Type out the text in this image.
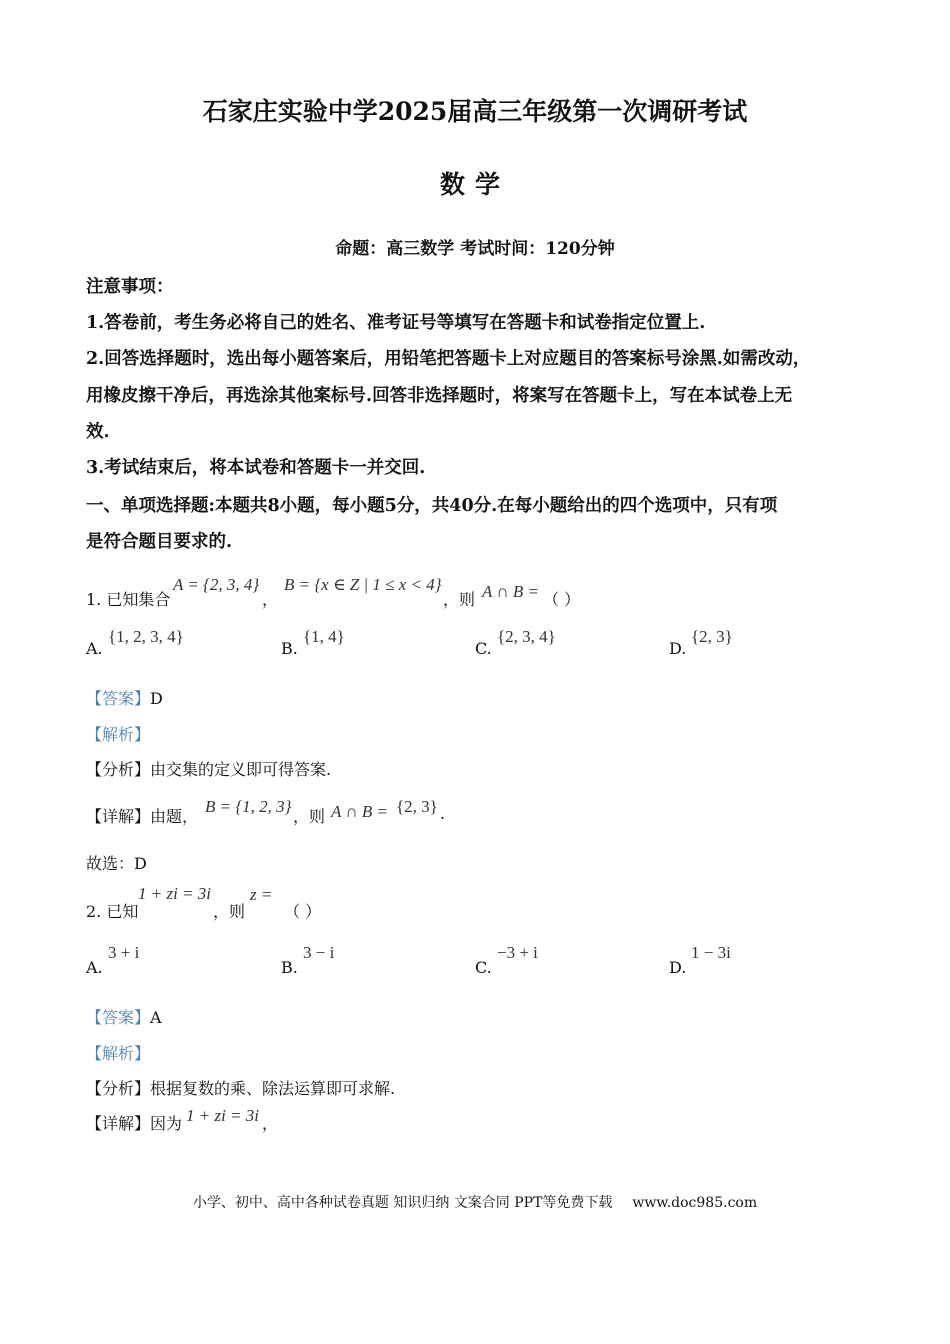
石家庄实验中学2025届高三年级第一次调研考试
数学
命题：高三数学 考试时间：120分钟
注意事项：
1.答卷前，考生务必将自己的姓名、准考证号等填写在答题卡和试卷指定位置上.
2.回答选择题时，选出每小题答案后，用铅笔把答题卡上对应题目的答案标号涂黑.如需改动，
用橡皮擦干净后，再选涂其他案标号.回答非选择题时，将案写在答题卡上，写在本试卷上无
效.
3.考试结束后，将本试卷和答题卡一并交回.
一、单项选择题:本题共8小题，每小题5分，共40分.在每小题给出的四个选项中，只有项
是符合题目要求的.
1. 已知集合
A = {2, 3, 4}
，
B = {x ∈ Z | 1 ≤ x < 4}
，则 A ∩ B = （ ）
A.
{1, 2, 3, 4}
B.
{1, 4}
C.
{2, 3, 4}
D.
{2, 3}
【答案】D
【解析】
【分析】由交集的定义即可得答案.
【详解】由题，
B = {1, 2, 3}
，则 A ∩ B = {2, 3} .
故选：D
2. 已知
1 + zi = 3i
，则
z =
（ ）
A.
3 + i
B.
3 − i
C.
−3 + i
D.
1 − 3i
【答案】A
【解析】
【分析】根据复数的乘、除法运算即可求解.
【详解】因为 1 + zi = 3i ，
小学、初中、高中各种试卷真题 知识归纳 文案合同 PPT等免费下载 www.doc985.com
